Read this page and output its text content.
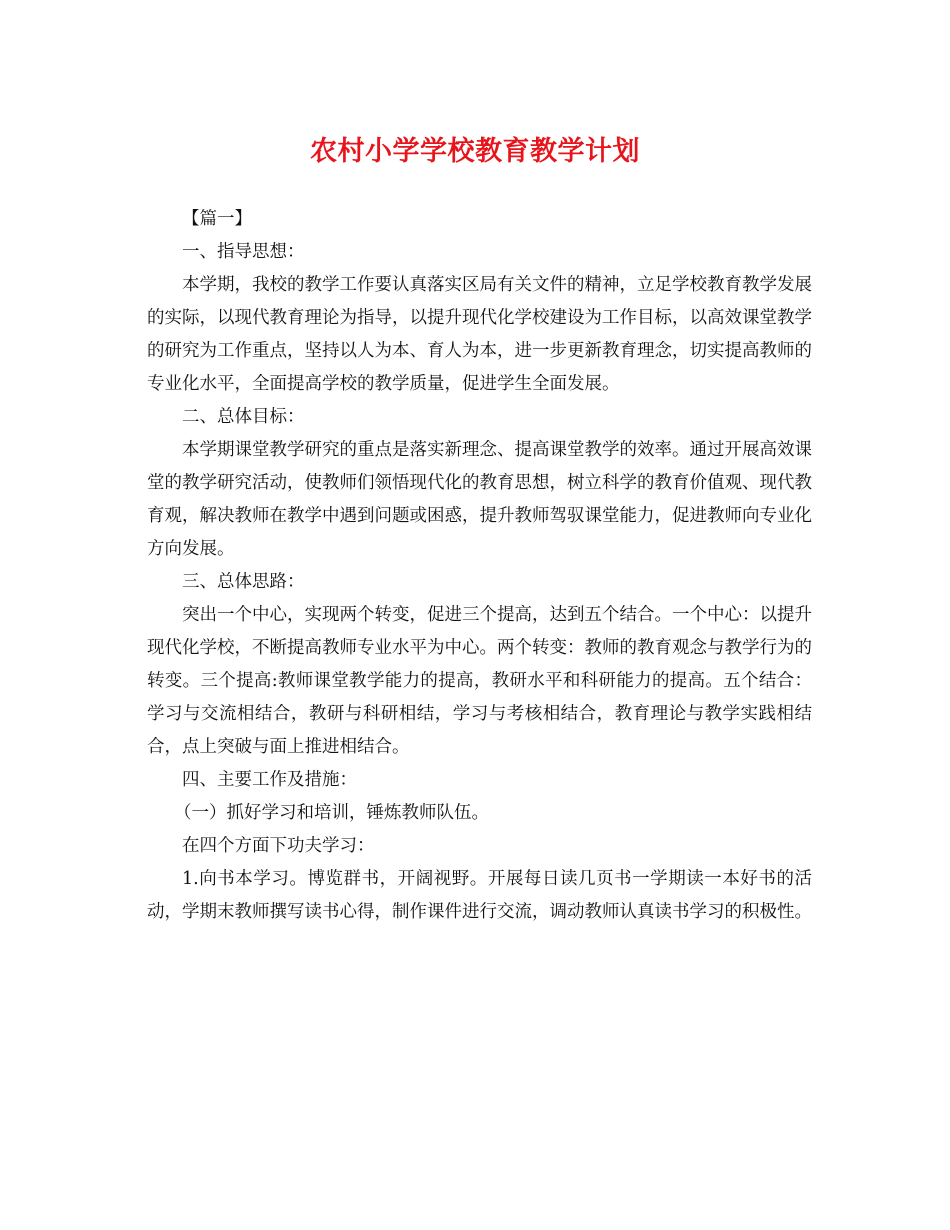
农村小学学校教育教学计划

【篇一】

一、指导思想：

本学期，我校的教学工作要认真落实区局有关文件的精神，立足学校教育教学发展的实际，以现代教育理论为指导，以提升现代化学校建设为工作目标，以高效课堂教学的研究为工作重点，坚持以人为本、育人为本，进一步更新教育理念，切实提高教师的专业化水平，全面提高学校的教学质量，促进学生全面发展。

二、总体目标：

本学期课堂教学研究的重点是落实新理念、提高课堂教学的效率。通过开展高效课堂的教学研究活动，使教师们领悟现代化的教育思想，树立科学的教育价值观、现代教育观，解决教师在教学中遇到问题或困惑，提升教师驾驭课堂能力，促进教师向专业化方向发展。

三、总体思路：

突出一个中心，实现两个转变，促进三个提高，达到五个结合。一个中心：以提升现代化学校，不断提高教师专业水平为中心。两个转变：教师的教育观念与教学行为的转变。三个提高:教师课堂教学能力的提高，教研水平和科研能力的提高。五个结合：学习与交流相结合，教研与科研相结，学习与考核相结合，教育理论与教学实践相结合，点上突破与面上推进相结合。

四、主要工作及措施：

（一）抓好学习和培训，锤炼教师队伍。

在四个方面下功夫学习：

1.向书本学习。博览群书，开阔视野。开展每日读几页书一学期读一本好书的活动，学期末教师撰写读书心得，制作课件进行交流，调动教师认真读书学习的积极性。
